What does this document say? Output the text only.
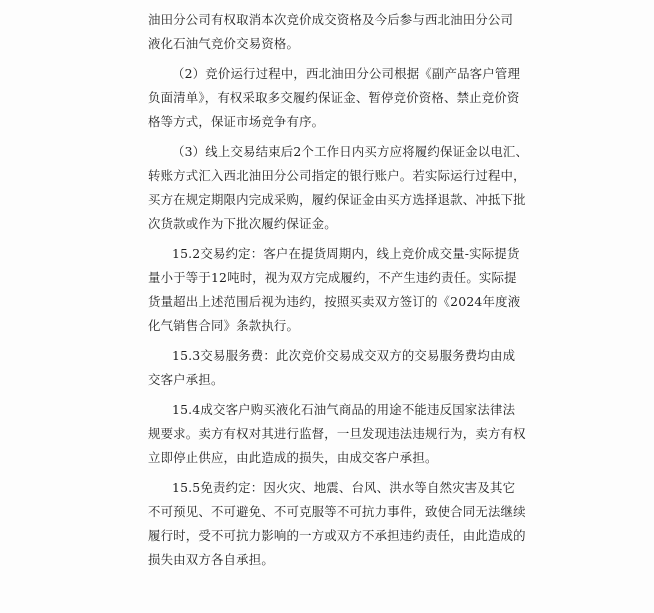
油田分公司有权取消本次竞价成交资格及今后参与西北油田分公司
液化石油气竞价交易资格。
（2）竞价运行过程中，西北油田分公司根据《副产品客户管理
负面清单》，有权采取多交履约保证金、暂停竞价资格、禁止竞价资
格等方式，保证市场竞争有序。
（3）线上交易结束后2个工作日内买方应将履约保证金以电汇、
转账方式汇入西北油田分公司指定的银行账户。若实际运行过程中，
买方在规定期限内完成采购，履约保证金由买方选择退款、冲抵下批
次货款或作为下批次履约保证金。
15.2交易约定：客户在提货周期内，线上竞价成交量-实际提货
量小于等于12吨时，视为双方完成履约，不产生违约责任。实际提
货量超出上述范围后视为违约，按照买卖双方签订的《2024年度液
化气销售合同》条款执行。
15.3交易服务费：此次竞价交易成交双方的交易服务费均由成
交客户承担。
15.4成交客户购买液化石油气商品的用途不能违反国家法律法
规要求。卖方有权对其进行监督，一旦发现违法违规行为，卖方有权
立即停止供应，由此造成的损失，由成交客户承担。
15.5免责约定：因火灾、地震、台风、洪水等自然灾害及其它
不可预见、不可避免、不可克服等不可抗力事件，致使合同无法继续
履行时，受不可抗力影响的一方或双方不承担违约责任，由此造成的
损失由双方各自承担。
